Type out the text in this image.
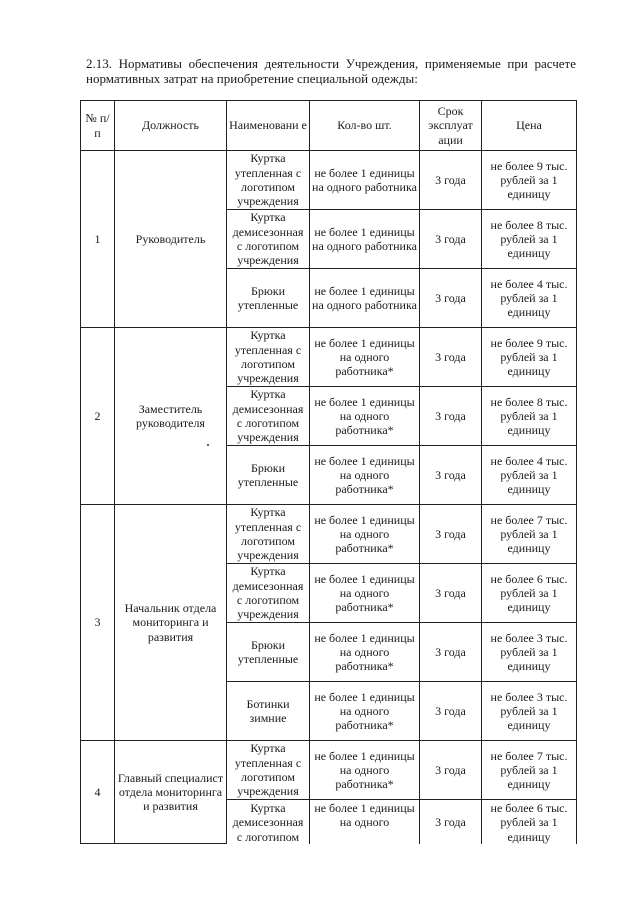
2.13. Нормативы обеспечения деятельности Учреждения, применяемые при расчете
нормативных затрат на приобретение специальной одежды:
№ п/п	Должность	Наименовани е	Кол-во шт.	Срок эксплуат ации	Цена
1	Руководитель	Куртка утепленная с логотипом учреждения	не более 1 единицы на одного работника	3 года	не более 9 тыс. рублей за 1 единицу
		Куртка демисезонная с логотипом учреждения	не более 1 единицы на одного работника	3 года	не более 8 тыс. рублей за 1 единицу
		Брюки утепленные	не более 1 единицы на одного работника	3 года	не более 4 тыс. рублей за 1 единицу
2	Заместитель руководителя	Куртка утепленная с логотипом учреждения	не более 1 единицы на одного работника*	3 года	не более 9 тыс. рублей за 1 единицу
		Куртка демисезонная с логотипом учреждения	не более 1 единицы на одного работника*	3 года	не более 8 тыс. рублей за 1 единицу
		Брюки утепленные	не более 1 единицы на одного работника*	3 года	не более 4 тыс. рублей за 1 единицу
3	Начальник отдела мониторинга и развития	Куртка утепленная с логотипом учреждения	не более 1 единицы на одного работника*	3 года	не более 7 тыс. рублей за 1 единицу
		Куртка демисезонная с логотипом учреждения	не более 1 единицы на одного работника*	3 года	не более 6 тыс. рублей за 1 единицу
		Брюки утепленные	не более 1 единицы на одного работника*	3 года	не более 3 тыс. рублей за 1 единицу
		Ботинки зимние	не более 1 единицы на одного работника*	3 года	не более 3 тыс. рублей за 1 единицу
4	Главный специалист отдела мониторинга и развития	Куртка утепленная с логотипом учреждения	не более 1 единицы на одного работника*	3 года	не более 7 тыс. рублей за 1 единицу
		Куртка демисезонная с логотипом	не более 1 единицы на одного	3 года	не более 6 тыс. рублей за 1 единицу
